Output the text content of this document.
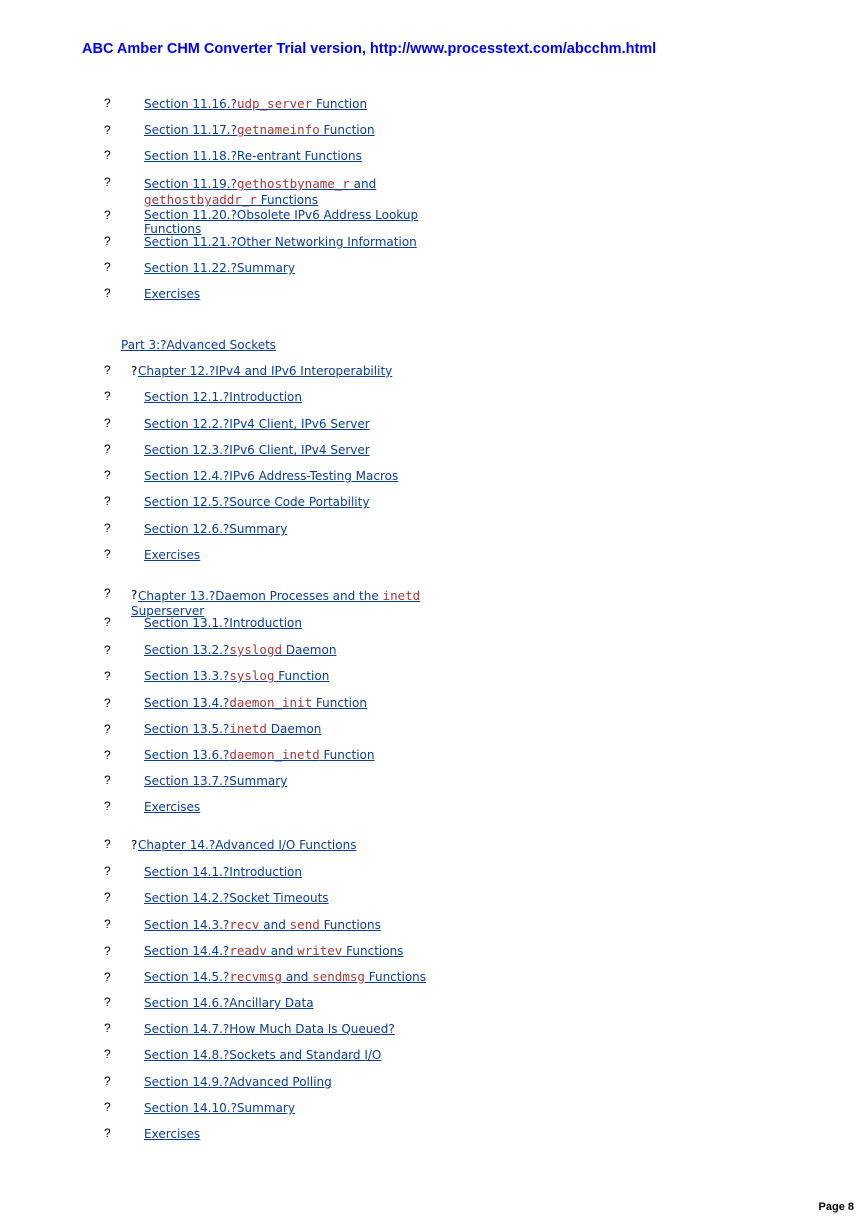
ABC Amber CHM Converter Trial version, http://www.processtext.com/abcchm.html
?	Section 11.16.?udp_server Function
?	Section 11.17.?getnameinfo Function
?	Section 11.18.?Re-entrant Functions
?	Section 11.19.?gethostbyname_r and
gethostbyaddr_r Functions
?	Section 11.20.?Obsolete IPv6 Address Lookup Functions
?	Section 11.21.?Other Networking Information
?	Section 11.22.?Summary
?	Exercises
Part 3:?Advanced Sockets
? ? Chapter 12.?IPv4 and IPv6 Interoperability
?	Section 12.1.?Introduction
?	Section 12.2.?IPv4 Client, IPv6 Server
?	Section 12.3.?IPv6 Client, IPv4 Server
?	Section 12.4.?IPv6 Address-Testing Macros
?	Section 12.5.?Source Code Portability
?	Section 12.6.?Summary
?	Exercises
? ? Chapter 13.?Daemon Processes and the inetd
Superserver
?	Section 13.1.?Introduction
?	Section 13.2.?syslogd Daemon
?	Section 13.3.?syslog Function
?	Section 13.4.?daemon_init Function
?	Section 13.5.?inetd Daemon
?	Section 13.6.?daemon_inetd Function
?	Section 13.7.?Summary
?	Exercises
? ? Chapter 14.?Advanced I/O Functions
?	Section 14.1.?Introduction
?	Section 14.2.?Socket Timeouts
?	Section 14.3.?recv and send Functions
?	Section 14.4.?readv and writev Functions
?	Section 14.5.?recvmsg and sendmsg Functions
?	Section 14.6.?Ancillary Data
?	Section 14.7.?How Much Data Is Queued?
?	Section 14.8.?Sockets and Standard I/O
?	Section 14.9.?Advanced Polling
?	Section 14.10.?Summary
?	Exercises
Page 8
